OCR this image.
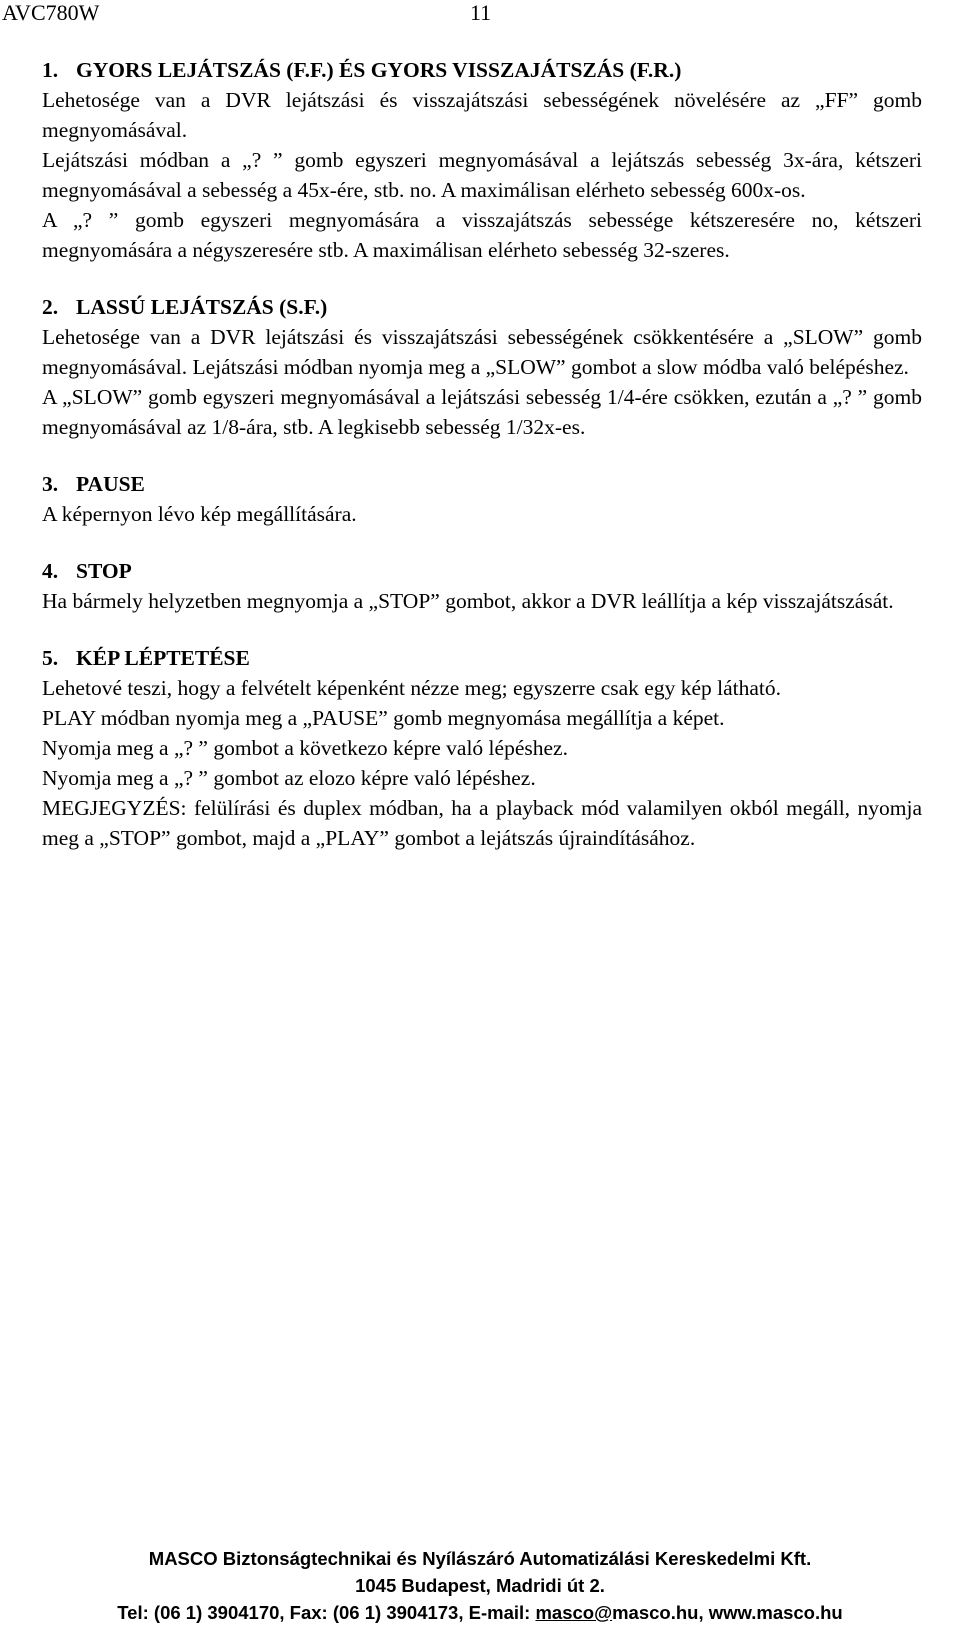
AVC780W	11
1. GYORS LEJÁTSZÁS (F.F.) ÉS GYORS VISSZAJÁTSZÁS (F.R.)

Lehetosége van a DVR lejátszási és visszajátszási sebességének növelésére az „FF” gomb megnyomásával.

Lejátszási módban a „? ” gomb egyszeri megnyomásával a lejátszás sebesség 3x-ára, kétszeri megnyomásával a sebesség a 45x-ére, stb. no. A maximálisan elérheto sebesség 600x-os.

A „? ” gomb egyszeri megnyomására a visszajátszás sebessége kétszeresére no, kétszeri megnyomására a négyszeresére stb. A maximálisan elérheto sebesség 32-szeres.

2. LASSÚ LEJÁTSZÁS (S.F.)

Lehetosége van a DVR lejátszási és visszajátszási sebességének csökkentésére a „SLOW” gomb megnyomásával. Lejátszási módban nyomja meg a „SLOW” gombot a slow módba való belépéshez.

A „SLOW” gomb egyszeri megnyomásával a lejátszási sebesség 1/4-ére csökken, ezután a „? ” gomb megnyomásával az 1/8-ára, stb. A legkisebb sebesség 1/32x-es.

3. PAUSE

A képernyon lévo kép megállítására.

4. STOP

Ha bármely helyzetben megnyomja a „STOP” gombot, akkor a DVR leállítja a kép visszajátszását.

5. KÉP LÉPTETÉSE

Lehetové teszi, hogy a felvételt képenként nézze meg; egyszerre csak egy kép látható.

PLAY módban nyomja meg a „PAUSE” gomb megnyomása megállítja a képet.

Nyomja meg a „? ” gombot a következo képre való lépéshez.

Nyomja meg a „? ” gombot az elozo képre való lépéshez.

MEGJEGYZÉS: felülírási és duplex módban, ha a playback mód valamilyen okból megáll, nyomja meg a „STOP” gombot, majd a „PLAY” gombot a lejátszás újraindításához.

MASCO Biztonságtechnikai és Nyílászáró Automatizálási Kereskedelmi Kft.
1045 Budapest, Madridi út 2.
Tel: (06 1) 3904170, Fax: (06 1) 3904173, E-mail: masco@masco.hu, www.masco.hu
